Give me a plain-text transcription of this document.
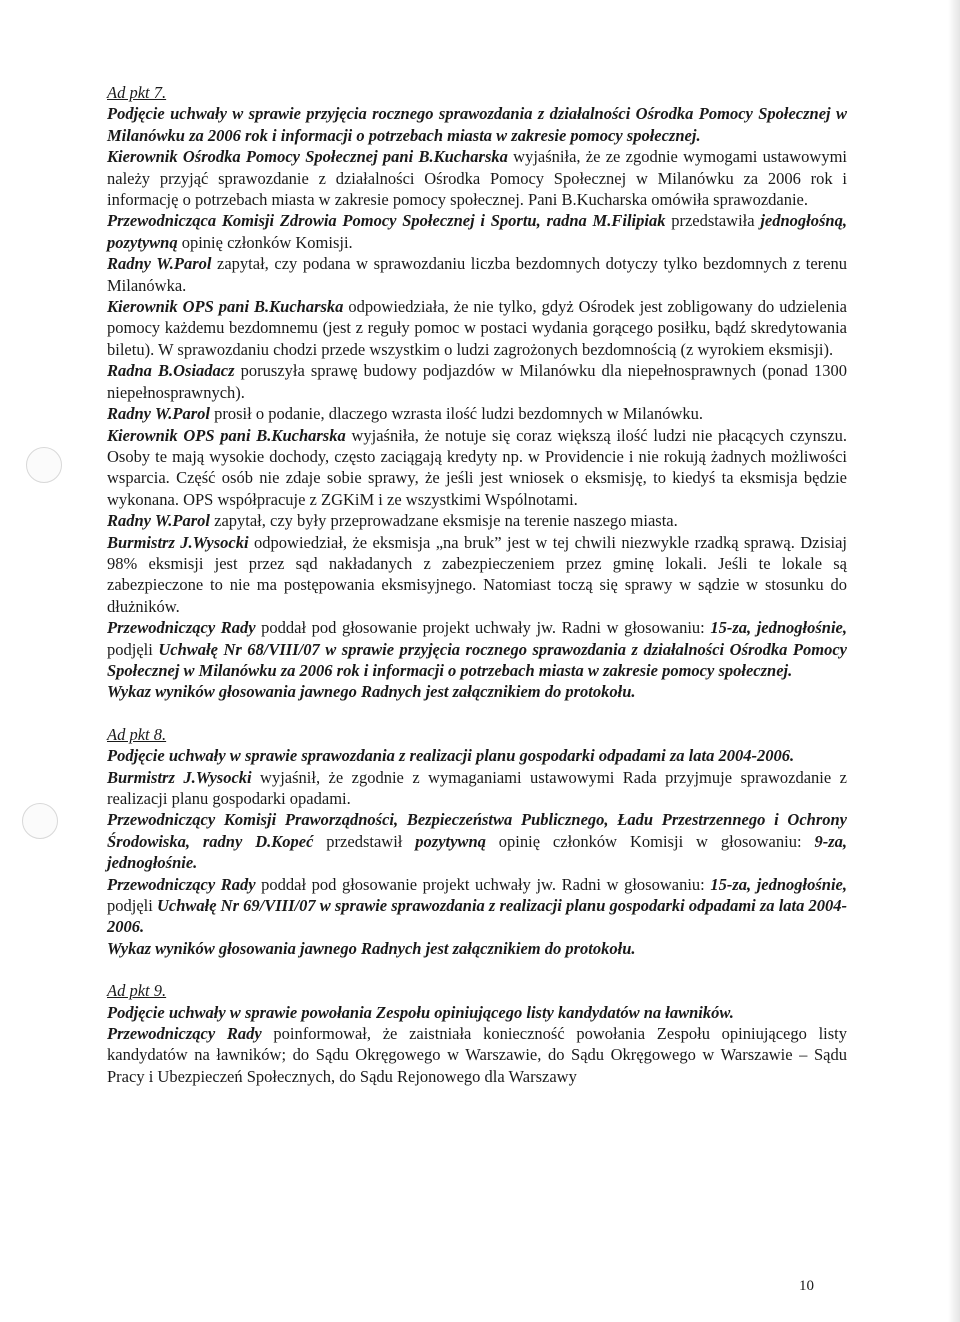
Ad pkt 7.

Podjęcie uchwały w sprawie przyjęcia rocznego sprawozdania z działalności Ośrodka Pomocy Społecznej w Milanówku za 2006 rok i informacji o potrzebach miasta w zakresie pomocy społecznej.

Kierownik Ośrodka Pomocy Społecznej pani B.Kucharska wyjaśniła, że ze zgodnie wymogami ustawowymi należy przyjąć sprawozdanie z działalności Ośrodka Pomocy Społecznej w Milanówku za 2006 rok i informację o potrzebach miasta w zakresie pomocy społecznej. Pani B.Kucharska omówiła sprawozdanie.

Przewodnicząca Komisji Zdrowia Pomocy Społecznej i Sportu, radna M.Filipiak przedstawiła jednogłośną, pozytywną opinię członków Komisji.

Radny W.Parol zapytał, czy podana w sprawozdaniu liczba bezdomnych dotyczy tylko bezdomnych z terenu Milanówka.

Kierownik OPS pani B.Kucharska odpowiedziała, że nie tylko, gdyż Ośrodek jest zobligowany do udzielenia pomocy każdemu bezdomnemu (jest z reguły pomoc w postaci wydania gorącego posiłku, bądź skredytowania biletu). W sprawozdaniu chodzi przede wszystkim o ludzi zagrożonych bezdomnością (z wyrokiem eksmisji).

Radna B.Osiadacz poruszyła sprawę budowy podjazdów w Milanówku dla niepełnosprawnych (ponad 1300 niepełnosprawnych).

Radny W.Parol prosił o podanie, dlaczego wzrasta ilość ludzi bezdomnych w Milanówku.

Kierownik OPS pani B.Kucharska wyjaśniła, że notuje się coraz większą ilość ludzi nie płacących czynszu. Osoby te mają wysokie dochody, często zaciągają kredyty np. w Providencie i nie rokują żadnych możliwości wsparcia. Część osób nie zdaje sobie sprawy, że jeśli jest wniosek o eksmisję, to kiedyś ta eksmisja będzie wykonana. OPS współpracuje z ZGKiM i ze wszystkimi Wspólnotami.

Radny W.Parol zapytał, czy były przeprowadzane eksmisje na terenie naszego miasta.

Burmistrz J.Wysocki odpowiedział, że eksmisja „na bruk” jest w tej chwili niezwykle rzadką sprawą. Dzisiaj 98% eksmisji jest przez sąd nakładanych z zabezpieczeniem przez gminę lokali. Jeśli te lokale są zabezpieczone to nie ma postępowania eksmisyjnego. Natomiast toczą się sprawy w sądzie w stosunku do dłużników.

Przewodniczący Rady poddał pod głosowanie projekt uchwały jw. Radni w głosowaniu: 15-za, jednogłośnie, podjęli Uchwałę Nr 68/VIII/07 w sprawie przyjęcia rocznego sprawozdania z działalności Ośrodka Pomocy Społecznej w Milanówku za 2006 rok i informacji o potrzebach miasta w zakresie pomocy społecznej.

Wykaz wyników głosowania jawnego Radnych jest załącznikiem do protokołu.

Ad pkt 8.

Podjęcie uchwały w sprawie sprawozdania z realizacji planu gospodarki odpadami za lata 2004-2006.

Burmistrz J.Wysocki wyjaśnił, że zgodnie z wymaganiami ustawowymi Rada przyjmuje sprawozdanie z realizacji planu gospodarki opadami.

Przewodniczący Komisji Praworządności, Bezpieczeństwa Publicznego, Ładu Przestrzennego i Ochrony Środowiska, radny D.Kopeć przedstawił pozytywną opinię członków Komisji w głosowaniu: 9-za, jednogłośnie.

Przewodniczący Rady poddał pod głosowanie projekt uchwały jw. Radni w głosowaniu: 15-za, jednogłośnie, podjęli Uchwałę Nr 69/VIII/07 w sprawie sprawozdania z realizacji planu gospodarki odpadami za lata 2004-2006.

Wykaz wyników głosowania jawnego Radnych jest załącznikiem do protokołu.

Ad pkt 9.

Podjęcie uchwały w sprawie powołania Zespołu opiniującego listy kandydatów na ławników.

Przewodniczący Rady poinformował, że zaistniała konieczność powołania Zespołu opiniującego listy kandydatów na ławników; do Sądu Okręgowego w Warszawie, do Sądu Okręgowego w Warszawie – Sądu Pracy i Ubezpieczeń Społecznych, do Sądu Rejonowego dla Warszawy

10
